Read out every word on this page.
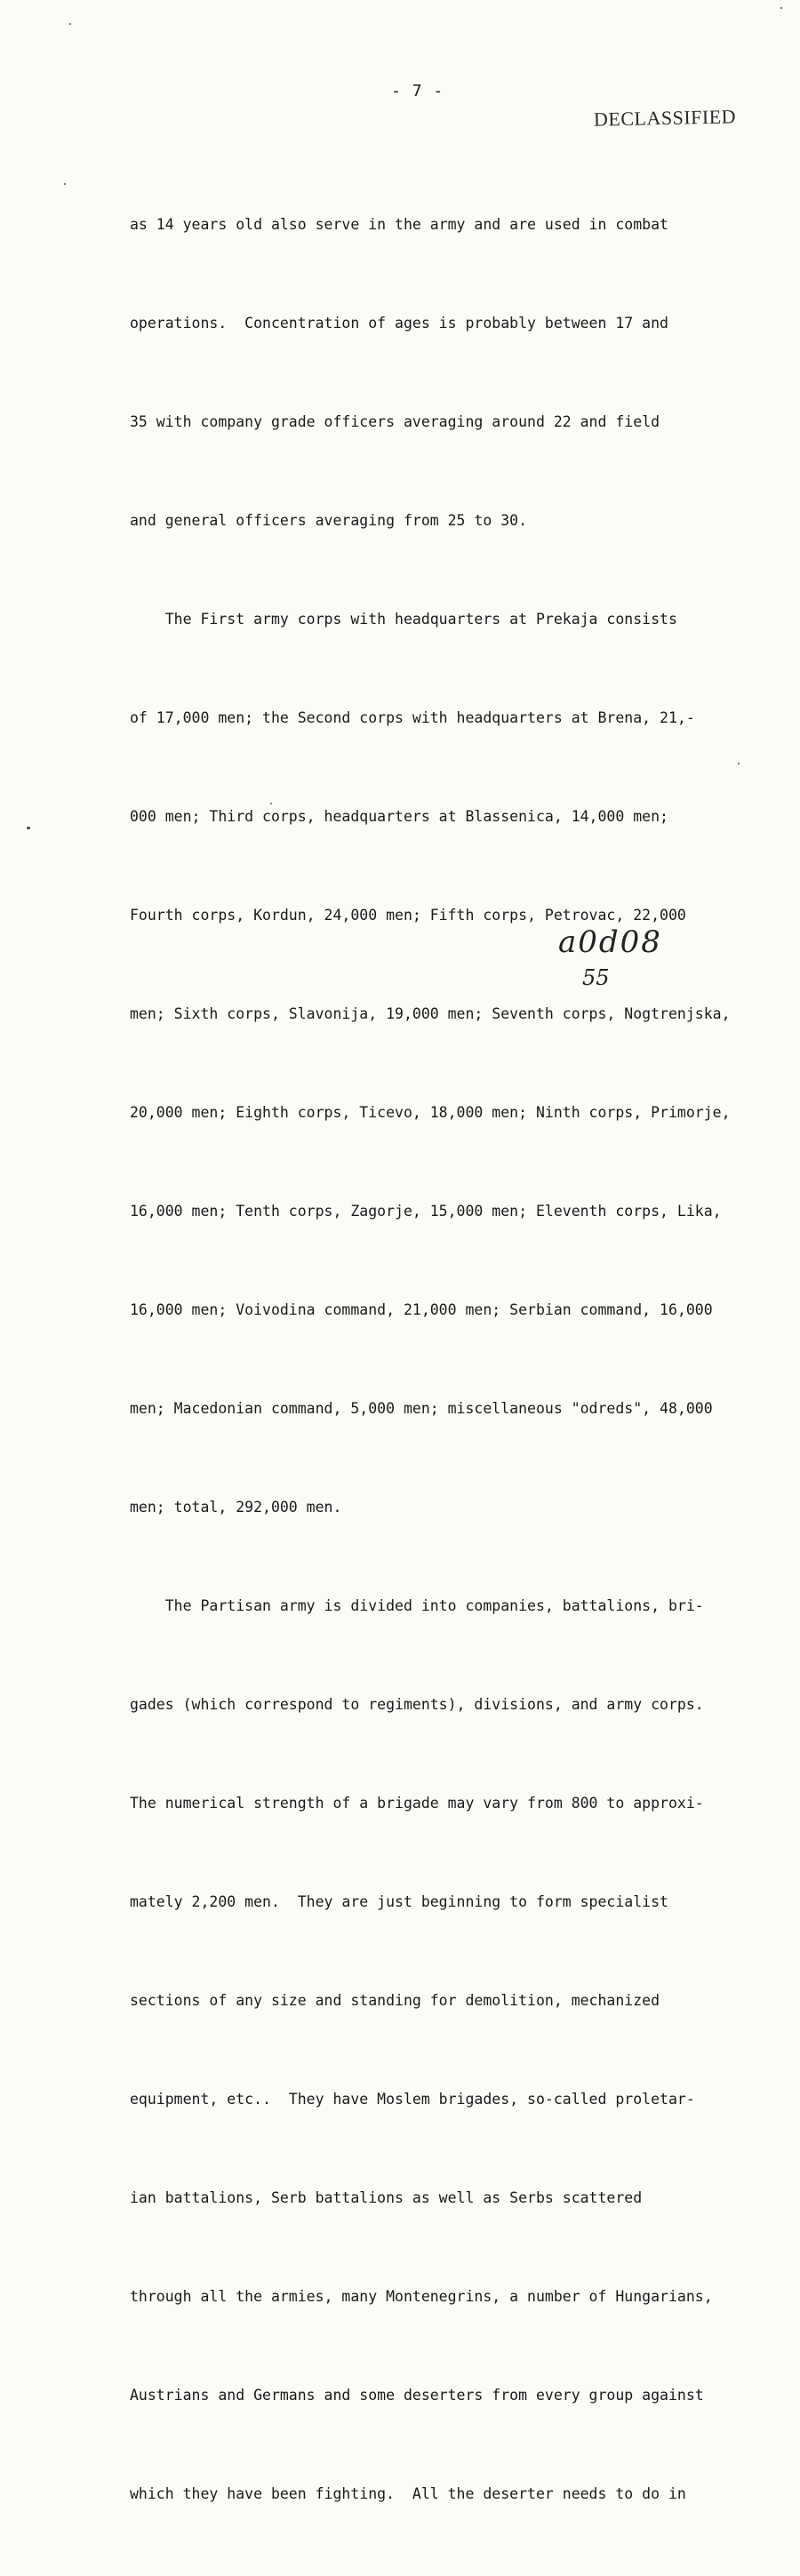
- 7 -
DECLASSIFIED

as 14 years old also serve in the army and are used in combat

operations.  Concentration of ages is probably between 17 and

35 with company grade officers averaging around 22 and field

and general officers averaging from 25 to 30.

The First army corps with headquarters at Prekaja consists

of 17,000 men; the Second corps with headquarters at Brena, 21,-

000 men; Third corps, headquarters at Blassenica, 14,000 men;

Fourth corps, Kordun, 24,000 men; Fifth corps, Petrovac, 22,000

men; Sixth corps, Slavonija, 19,000 men; Seventh corps, Nogtrenjska,

20,000 men; Eighth corps, Ticevo, 18,000 men; Ninth corps, Primorje,

16,000 men; Tenth corps, Zagorje, 15,000 men; Eleventh corps, Lika,

16,000 men; Voivodina command, 21,000 men; Serbian command, 16,000

men; Macedonian command, 5,000 men; miscellaneous "odreds", 48,000

men; total, 292,000 men.

The Partisan army is divided into companies, battalions, bri-

gades (which correspond to regiments), divisions, and army corps.

The numerical strength of a brigade may vary from 800 to approxi-

mately 2,200 men.  They are just beginning to form specialist

sections of any size and standing for demolition, mechanized

equipment, etc..  They have Moslem brigades, so-called proletar-

ian battalions, Serb battalions as well as Serbs scattered

through all the armies, many Montenegrins, a number of Hungarians,

Austrians and Germans and some deserters from every group against

which they have been fighting.  All the deserter needs to do in

a0d08
55
